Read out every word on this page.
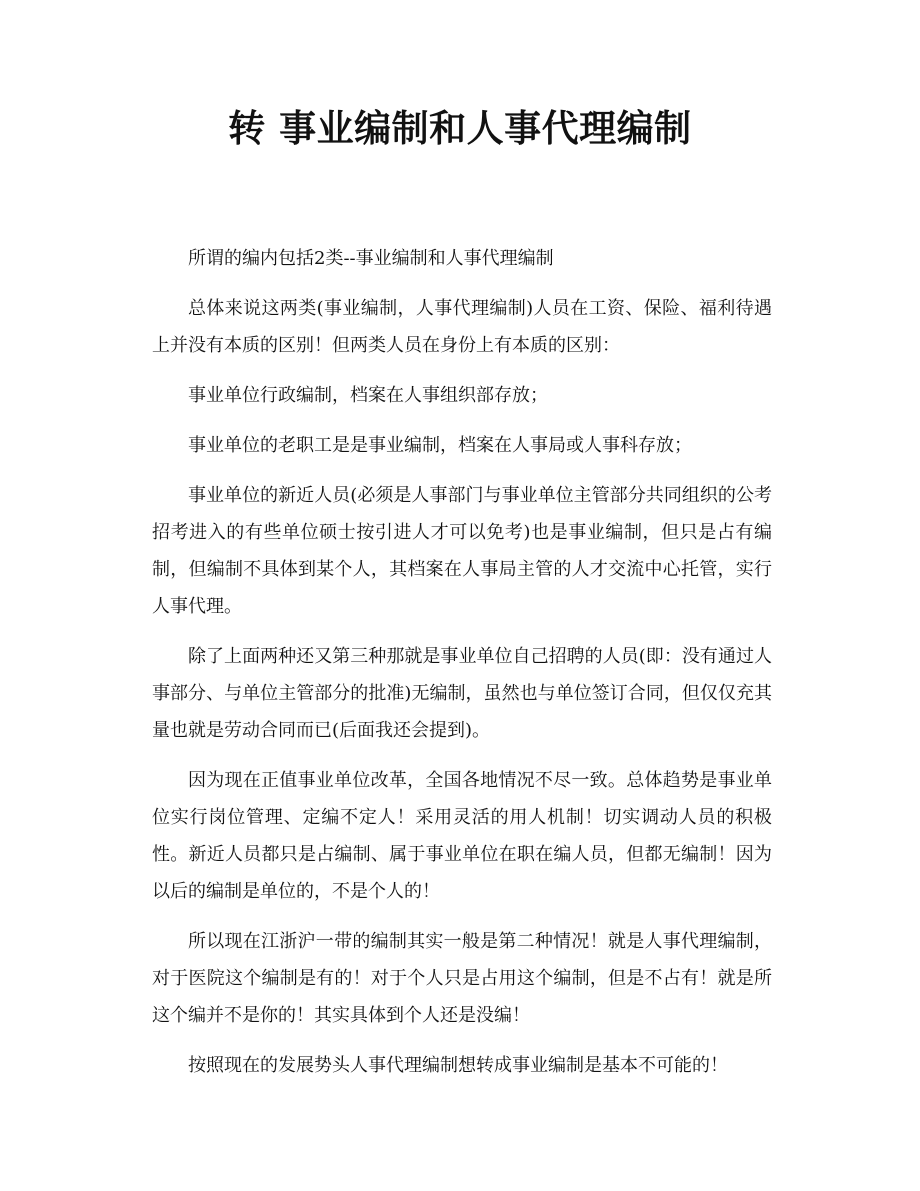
转 事业编制和人事代理编制

所谓的编内包括2类--事业编制和人事代理编制

总体来说这两类(事业编制，人事代理编制)人员在工资、保险、福利待遇上并没有本质的区别！但两类人员在身份上有本质的区别：

事业单位行政编制，档案在人事组织部存放；

事业单位的老职工是是事业编制，档案在人事局或人事科存放；

事业单位的新近人员(必须是人事部门与事业单位主管部分共同组织的公考招考进入的有些单位硕士按引进人才可以免考)也是事业编制，但只是占有编制，但编制不具体到某个人，其档案在人事局主管的人才交流中心托管，实行人事代理。

除了上面两种还又第三种那就是事业单位自己招聘的人员(即：没有通过人事部分、与单位主管部分的批准)无编制，虽然也与单位签订合同，但仅仅充其量也就是劳动合同而已(后面我还会提到)。

因为现在正值事业单位改革，全国各地情况不尽一致。总体趋势是事业单位实行岗位管理、定编不定人！采用灵活的用人机制！切实调动人员的积极性。新近人员都只是占编制、属于事业单位在职在编人员，但都无编制！因为以后的编制是单位的，不是个人的！

所以现在江浙沪一带的编制其实一般是第二种情况！就是人事代理编制，对于医院这个编制是有的！对于个人只是占用这个编制，但是不占有！就是所这个编并不是你的！其实具体到个人还是没编！

按照现在的发展势头人事代理编制想转成事业编制是基本不可能的！
